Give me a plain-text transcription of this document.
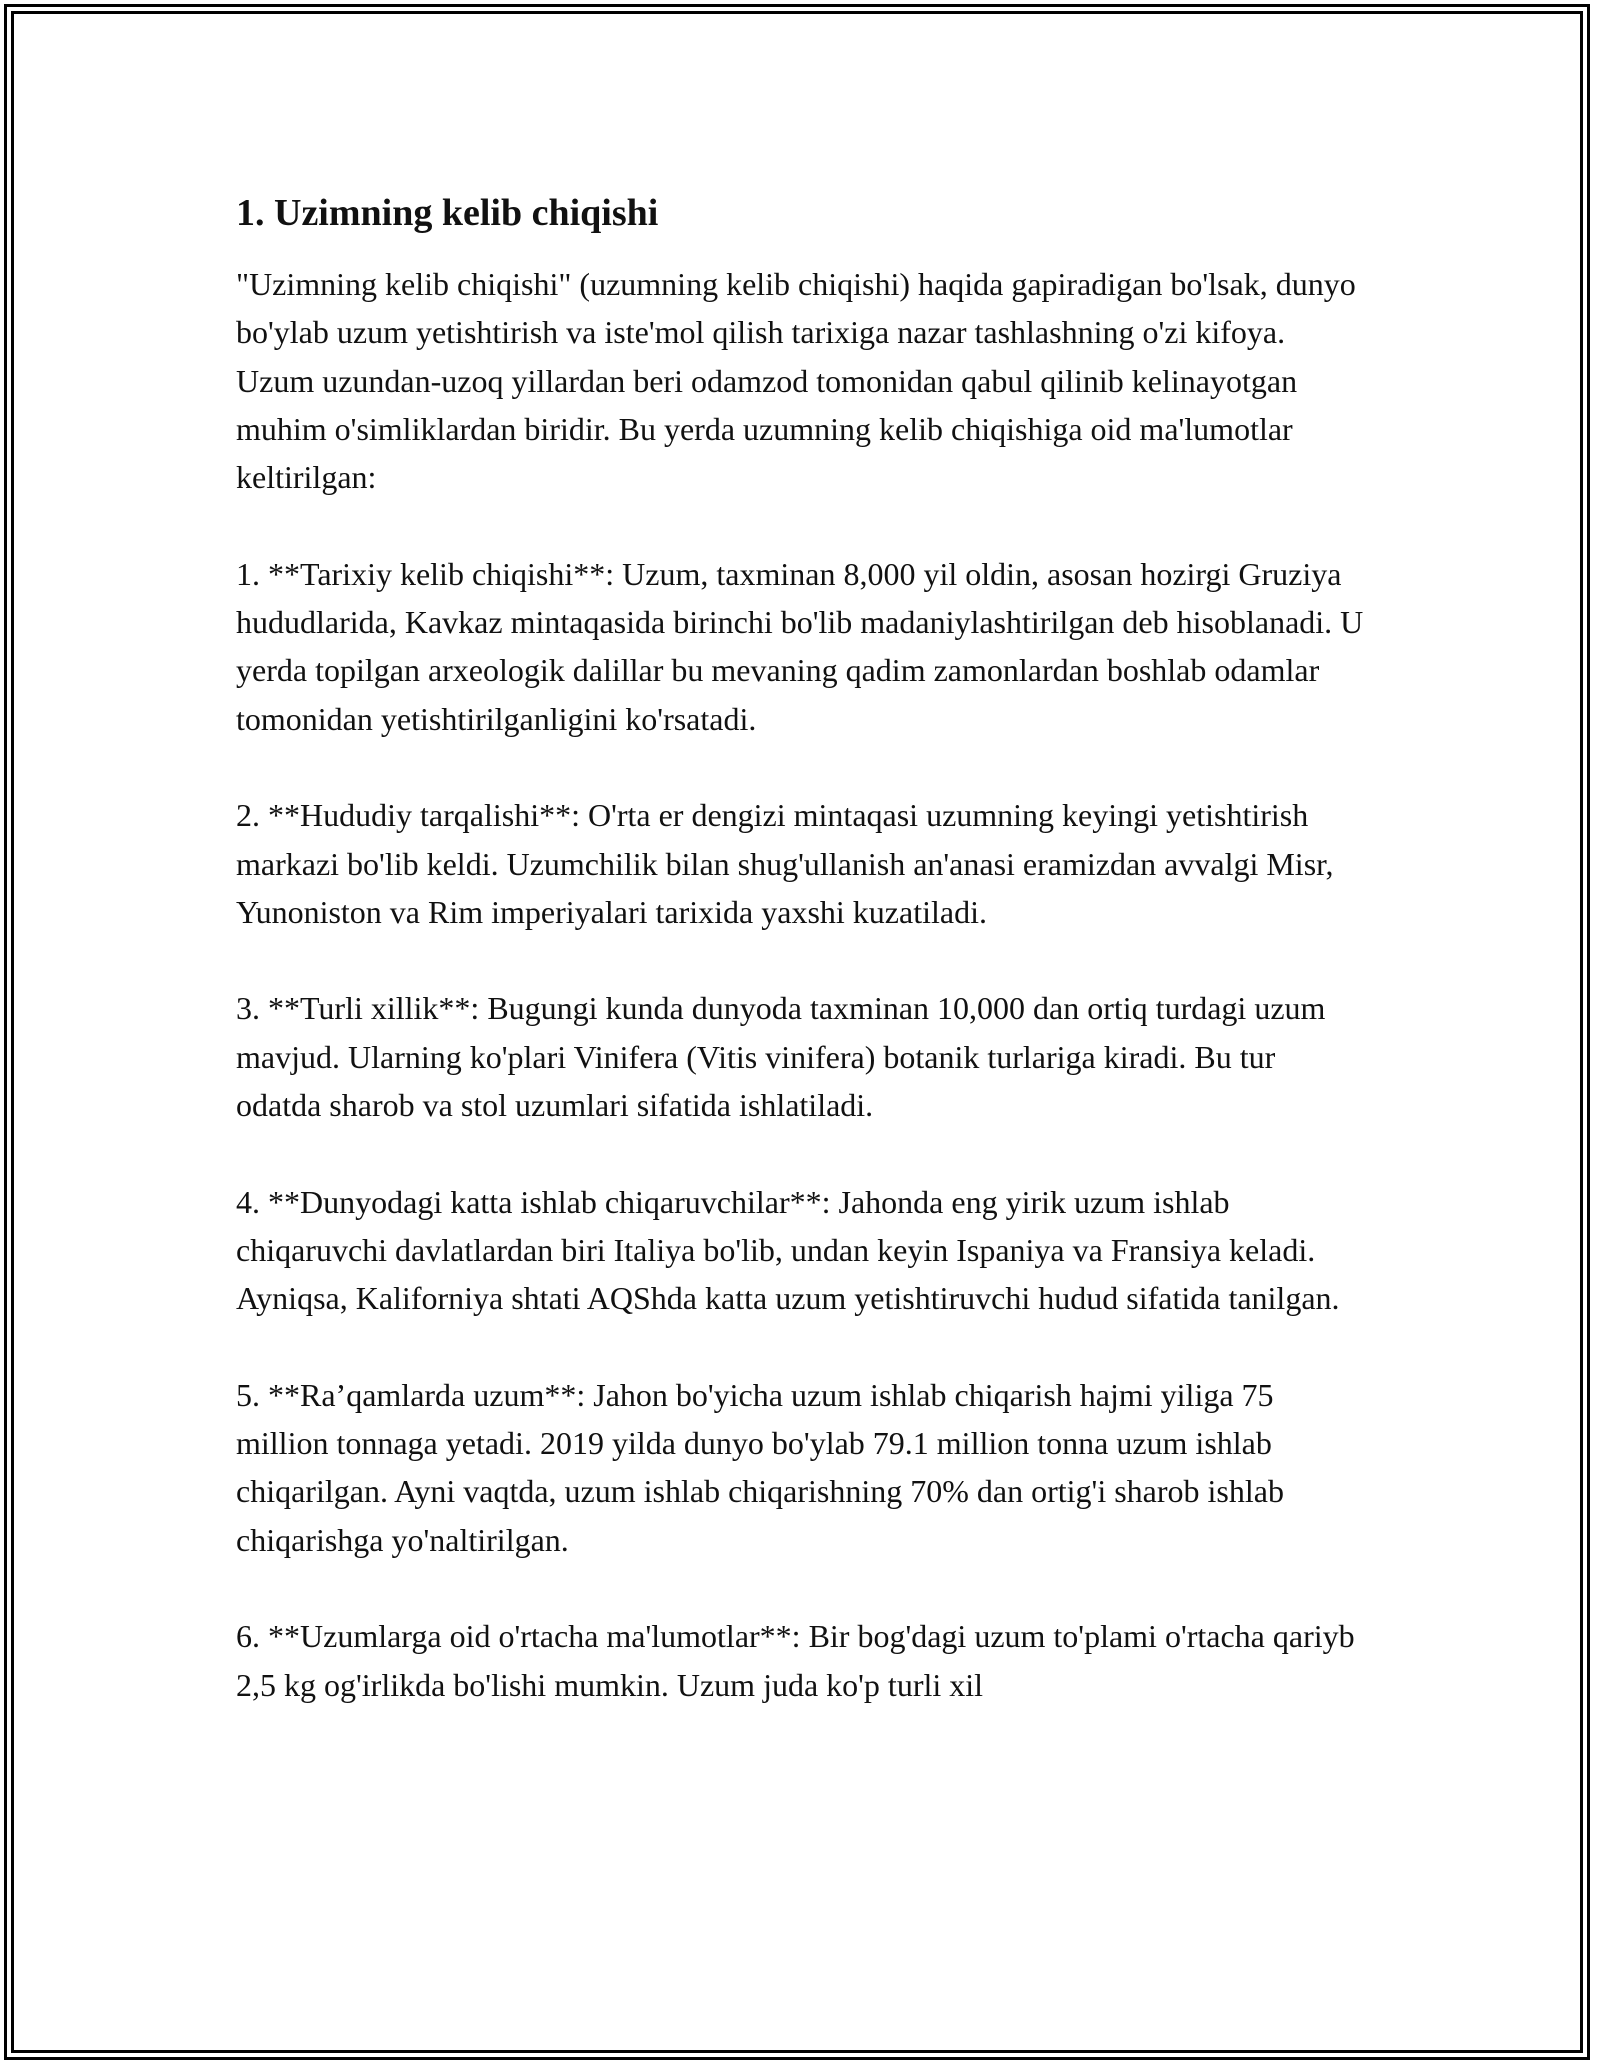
1. Uzimning kelib chiqishi

"Uzimning kelib chiqishi" (uzumning kelib chiqishi) haqida gapiradigan bo'lsak, dunyo bo'ylab uzum yetishtirish va iste'mol qilish tarixiga nazar tashlashning o'zi kifoya. Uzum uzundan-uzoq yillardan beri odamzod tomonidan qabul qilinib kelinayotgan muhim o'simliklardan biridir. Bu yerda uzumning kelib chiqishiga oid ma'lumotlar keltirilgan:

1. **Tarixiy kelib chiqishi**: Uzum, taxminan 8,000 yil oldin, asosan hozirgi Gruziya hududlarida, Kavkaz mintaqasida birinchi bo'lib madaniylashtirilgan deb hisoblanadi. U yerda topilgan arxeologik dalillar bu mevaning qadim zamonlardan boshlab odamlar tomonidan yetishtirilganligini ko'rsatadi.

2. **Hududiy tarqalishi**: O'rta er dengizi mintaqasi uzumning keyingi yetishtirish markazi bo'lib keldi. Uzumchilik bilan shug'ullanish an'anasi eramizdan avvalgi Misr, Yunoniston va Rim imperiyalari tarixida yaxshi kuzatiladi.

3. **Turli xillik**: Bugungi kunda dunyoda taxminan 10,000 dan ortiq turdagi uzum mavjud. Ularning ko'plari Vinifera (Vitis vinifera) botanik turlariga kiradi. Bu tur odatda sharob va stol uzumlari sifatida ishlatiladi.

4. **Dunyodagi katta ishlab chiqaruvchilar**: Jahonda eng yirik uzum ishlab chiqaruvchi davlatlardan biri Italiya bo'lib, undan keyin Ispaniya va Fransiya keladi. Ayniqsa, Kaliforniya shtati AQShda katta uzum yetishtiruvchi hudud sifatida tanilgan.

5. **Ra’qamlarda uzum**: Jahon bo'yicha uzum ishlab chiqarish hajmi yiliga 75 million tonnaga yetadi. 2019 yilda dunyo bo'ylab 79.1 million tonna uzum ishlab chiqarilgan. Ayni vaqtda, uzum ishlab chiqarishning 70% dan ortig'i sharob ishlab chiqarishga yo'naltirilgan.

6. **Uzumlarga oid o'rtacha ma'lumotlar**: Bir bog'dagi uzum to'plami o'rtacha qariyb 2,5 kg og'irlikda bo'lishi mumkin. Uzum juda ko'p turli xil
